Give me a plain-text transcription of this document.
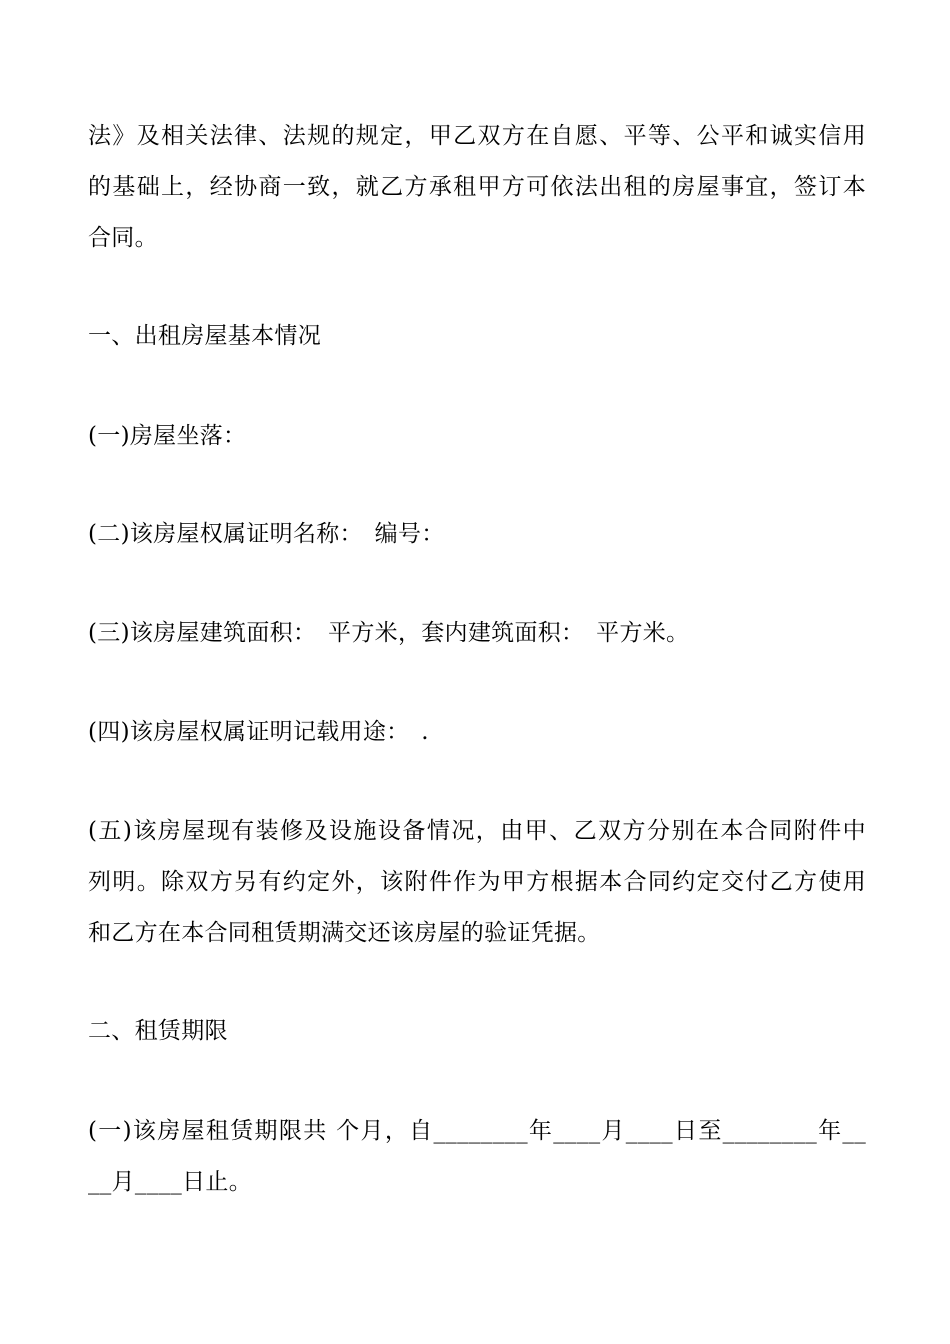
法》及相关法律、法规的规定，甲乙双方在自愿、平等、公平和诚实信用
的基础上，经协商一致，就乙方承租甲方可依法出租的房屋事宜，签订本
合同。
一、出租房屋基本情况
(一)房屋坐落：
(二)该房屋权属证明名称：　编号：
(三)该房屋建筑面积：　平方米，套内建筑面积：　平方米。
(四)该房屋权属证明记载用途：　.
(五)该房屋现有装修及设施设备情况，由甲、乙双方分别在本合同附件中
列明。除双方另有约定外，该附件作为甲方根据本合同约定交付乙方使用
和乙方在本合同租赁期满交还该房屋的验证凭据。
二、租赁期限
(一)该房屋租赁期限共 个月，自________年____月____日至________年__
__月____日止。
